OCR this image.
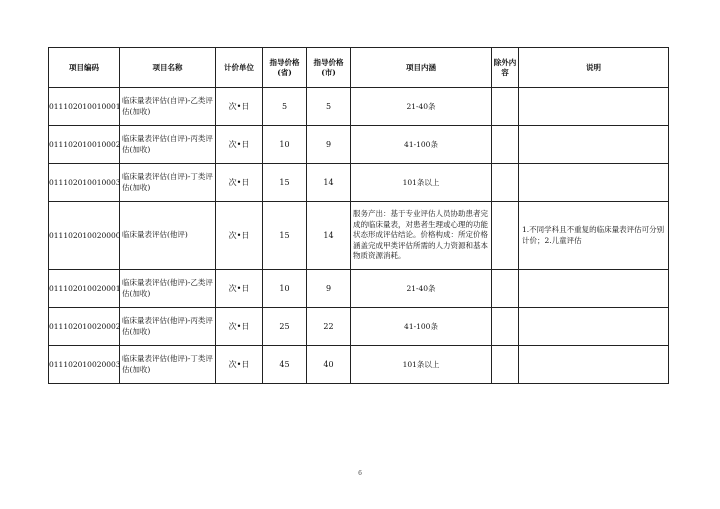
项目编码	项目名称	计价单位	指导价格(省)	指导价格(市)	项目内涵	除外内容	说明
011102010010001	临床量表评估(自评)-乙类评估(加收)	次•日	5	5	21-40条		
011102010010002	临床量表评估(自评)-丙类评估(加收)	次•日	10	9	41-100条		
011102010010003	临床量表评估(自评)-丁类评估(加收)	次•日	15	14	101条以上		
011102010020000	临床量表评估(他评)	次•日	15	14	服务产出：基于专业评估人员协助患者完成的临床量表，对患者生理或心理的功能状态形成评估结论。价格构成：所定价格涵盖完成甲类评估所需的人力资源和基本物质资源消耗。		1.不同学科且不重复的临床量表评估可分别计价；2.儿童评估
011102010020001	临床量表评估(他评)-乙类评估(加收)	次•日	10	9	21-40条		
011102010020002	临床量表评估(他评)-丙类评估(加收)	次•日	25	22	41-100条		
011102010020003	临床量表评估(他评)-丁类评估(加收)	次•日	45	40	101条以上		
6
